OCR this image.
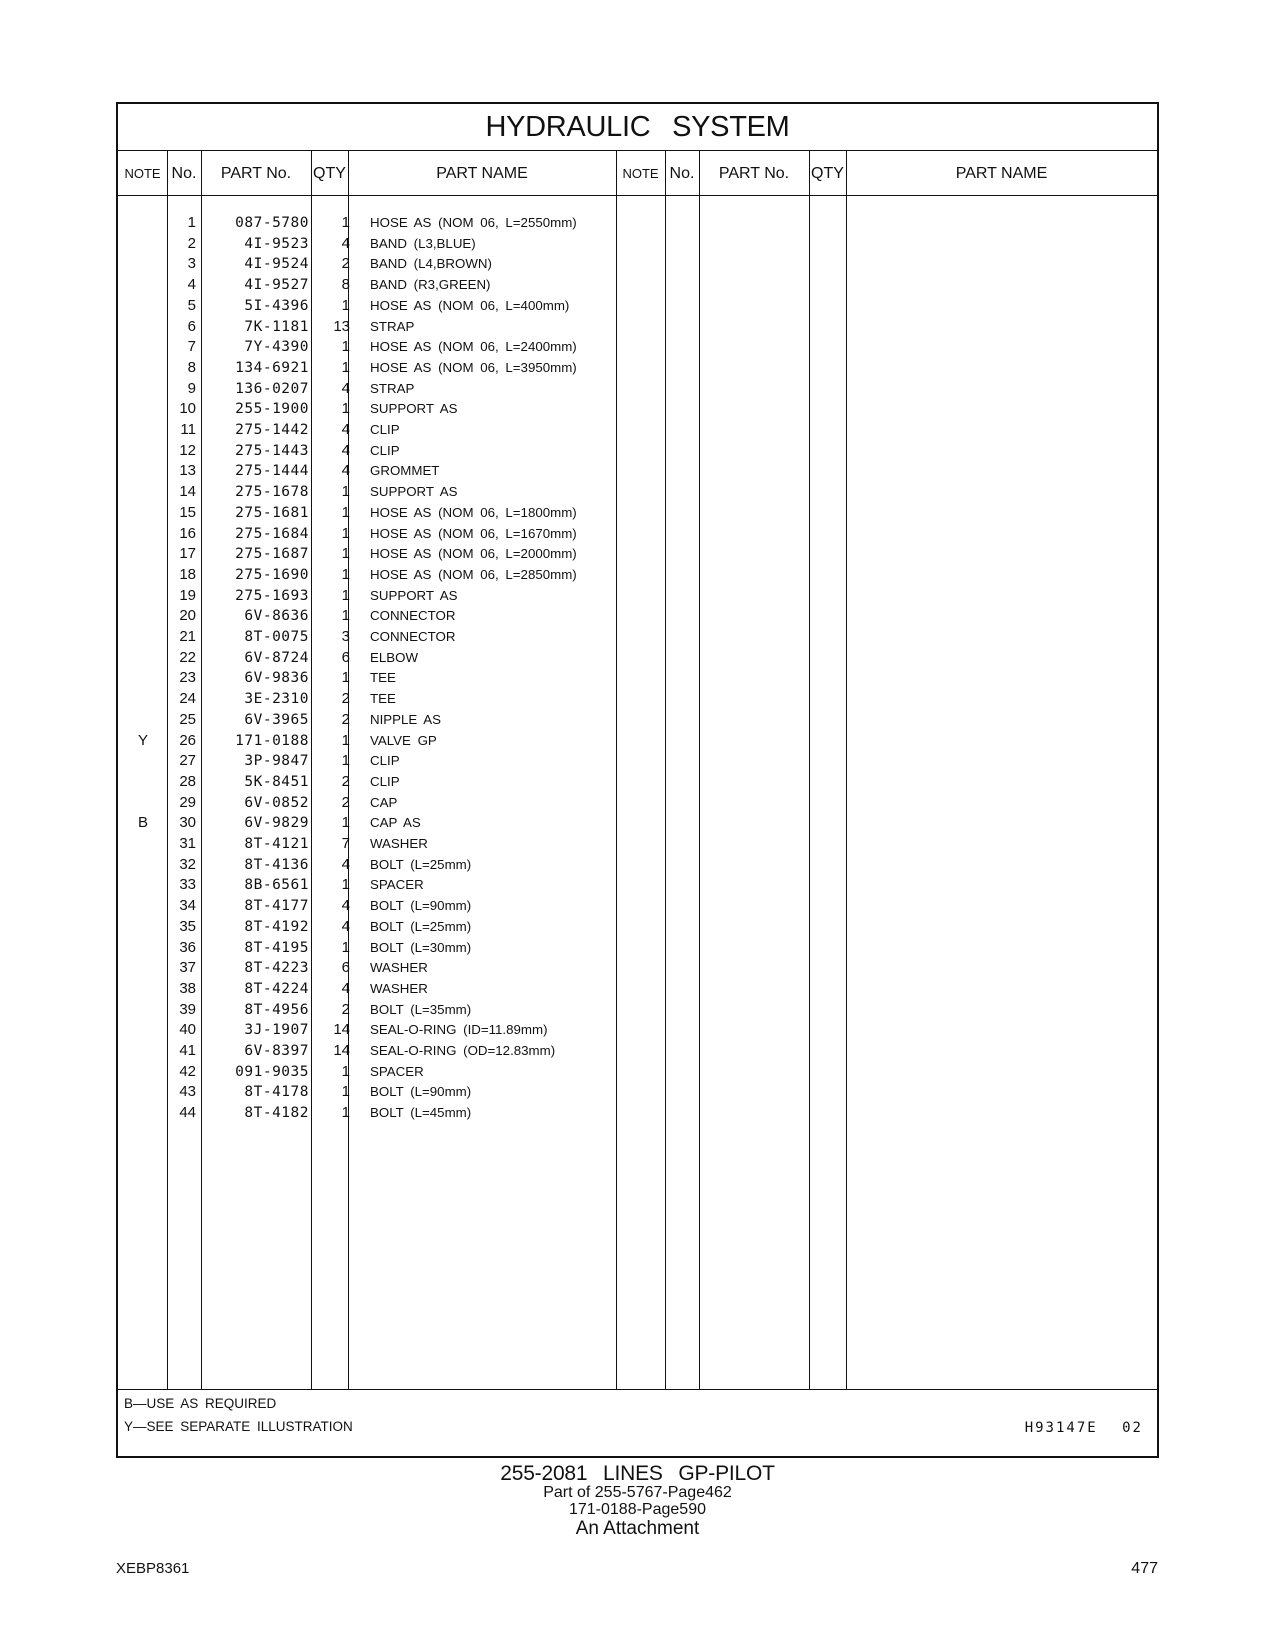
HYDRAULIC SYSTEM
NOTE No.	PART No.	QTY	PART NAME	NOTE No.	PART No.	QTY	PART NAME
1	087-5780	1 HOSE AS (NOM 06, L=2550mm)
2	4I-9523	4 BAND (L3,BLUE)
3	4I-9524	2 BAND (L4,BROWN)
4	4I-9527	8 BAND (R3,GREEN)
5	5I-4396	1 HOSE AS (NOM 06, L=400mm)
6	7K-1181	13 STRAP
7	7Y-4390	1 HOSE AS (NOM 06, L=2400mm)
8	134-6921	1 HOSE AS (NOM 06, L=3950mm)
9	136-0207	4 STRAP
10	255-1900	1 SUPPORT AS
11	275-1442	4 CLIP
12	275-1443	4 CLIP
13	275-1444	4 GROMMET
14	275-1678	1 SUPPORT AS
15	275-1681	1 HOSE AS (NOM 06, L=1800mm)
16	275-1684	1 HOSE AS (NOM 06, L=1670mm)
17	275-1687	1 HOSE AS (NOM 06, L=2000mm)
18	275-1690	1 HOSE AS (NOM 06, L=2850mm)
19	275-1693	1 SUPPORT AS
20	6V-8636	1 CONNECTOR
21	8T-0075	3 CONNECTOR
22	6V-8724	6 ELBOW
23	6V-9836	1 TEE
24	3E-2310	2 TEE
25	6V-3965	2 NIPPLE AS
Y	26	171-0188	1 VALVE GP
27	3P-9847	1 CLIP
28	5K-8451	2 CLIP
29	6V-0852	2 CAP
B	30	6V-9829	1 CAP AS
31	8T-4121	7 WASHER
32	8T-4136	4 BOLT (L=25mm)
33	8B-6561	1 SPACER
34	8T-4177	4 BOLT (L=90mm)
35	8T-4192	4 BOLT (L=25mm)
36	8T-4195	1 BOLT (L=30mm)
37	8T-4223	6 WASHER
38	8T-4224	4 WASHER
39	8T-4956	2 BOLT (L=35mm)
40	3J-1907	14 SEAL-O-RING (ID=11.89mm)
41	6V-8397	14 SEAL-O-RING (OD=12.83mm)
42	091-9035	1 SPACER
43	8T-4178	1 BOLT (L=90mm)
44	8T-4182	1 BOLT (L=45mm)
B—USE AS REQUIRED
Y—SEE SEPARATE ILLUSTRATION	H93147E 02
255-2081 LINES GP-PILOT
Part of 255-5767-Page462
171-0188-Page590
An Attachment
XEBP8361	477
